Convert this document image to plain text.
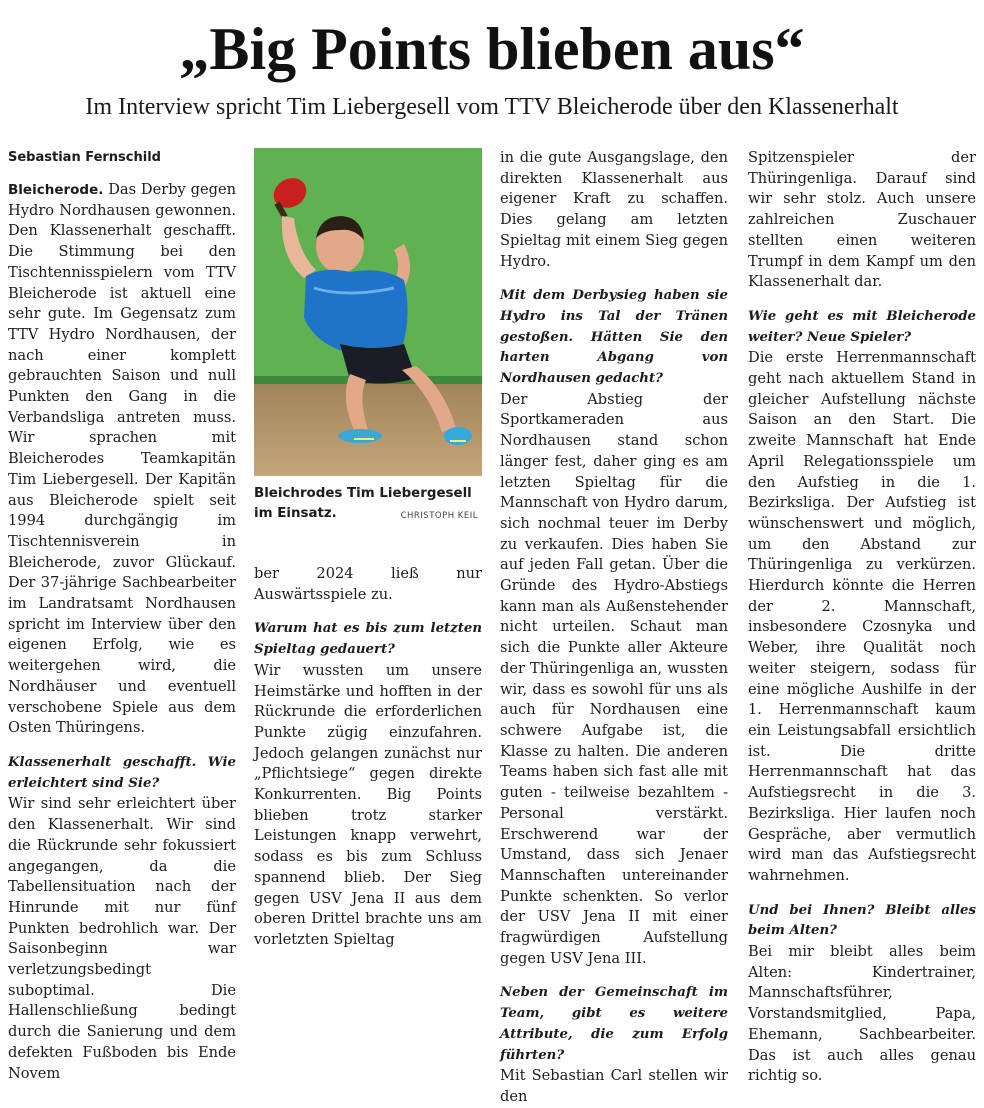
„Big Points blieben aus“
Im Interview spricht Tim Liebergesell vom TTV Bleicherode über den Klassenerhalt
Sebastian Fernschild

Bleicherode. Das Derby gegen Hydro Nordhausen gewonnen. Den Klassenerhalt geschafft. Die Stimmung bei den Tischtennisspielern vom TTV Bleicherode ist aktuell eine sehr gute. Im Gegensatz zum TTV Hydro Nordhausen, der nach einer komplett gebrauchten Saison und null Punkten den Gang in die Verbandsliga antreten muss. Wir sprachen mit Bleicherodes Teamkapitän Tim Liebergesell. Der Kapitän aus Bleicherode spielt seit 1994 durchgängig im Tischtennisverein in Bleicherode, zuvor Glückauf. Der 37-jährige Sachbearbeiter im Landratsamt Nordhausen spricht im Interview über den eigenen Erfolg, wie es weitergehen wird, die Nordhäuser und eventuell verschobene Spiele aus dem Osten Thüringens.

Klassenerhalt geschafft. Wie erleichtert sind Sie?

Wir sind sehr erleichtert über den Klassenerhalt. Wir sind die Rückrunde sehr fokussiert angegangen, da die Tabellensituation nach der Hinrunde mit nur fünf Punkten bedrohlich war. Der Saisonbeginn war verletzungsbedingt suboptimal. Die Hallenschließung bedingt durch die Sanierung und dem defekten Fußboden bis Ende Novem

Bleichrodes Tim Liebergesell im Einsatz.	CHRISTOPH KEIL

ber 2024 ließ nur Auswärtsspiele zu.

Warum hat es bis zum letzten Spieltag gedauert?

Wir wussten um unsere Heimstärke und hofften in der Rückrunde die erforderlichen Punkte zügig einzufahren. Jedoch gelangen zunächst nur „Pflichtsiege“ gegen direkte Konkurrenten. Big Points blieben trotz starker Leistungen knapp verwehrt, sodass es bis zum Schluss spannend blieb. Der Sieg gegen USV Jena II aus dem oberen Drittel brachte uns am vorletzten Spieltag

in die gute Ausgangslage, den direkten Klassenerhalt aus eigener Kraft zu schaffen. Dies gelang am letzten Spieltag mit einem Sieg gegen Hydro.

Mit dem Derbysieg haben sie Hydro ins Tal der Tränen gestoßen. Hätten Sie den harten Abgang von Nordhausen gedacht?

Der Abstieg der Sportkameraden aus Nordhausen stand schon länger fest, daher ging es am letzten Spieltag für die Mannschaft von Hydro darum, sich nochmal teuer im Derby zu verkaufen. Dies haben Sie auf jeden Fall getan. Über die Gründe des Hydro-Abstiegs kann man als Außenstehender nicht urteilen. Schaut man sich die Punkte aller Akteure der Thüringenliga an, wussten wir, dass es sowohl für uns als auch für Nordhausen eine schwere Aufgabe ist, die Klasse zu halten. Die anderen Teams haben sich fast alle mit guten - teilweise bezahltem - Personal verstärkt. Erschwerend war der Umstand, dass sich Jenaer Mannschaften untereinander Punkte schenkten. So verlor der USV Jena II mit einer fragwürdigen Aufstellung gegen USV Jena III.

Neben der Gemeinschaft im Team, gibt es weitere Attribute, die zum Erfolg führten?

Mit Sebastian Carl stellen wir den

Spitzenspieler der Thüringenliga. Darauf sind wir sehr stolz. Auch unsere zahlreichen Zuschauer stellten einen weiteren Trumpf in dem Kampf um den Klassenerhalt dar.

Wie geht es mit Bleicherode weiter? Neue Spieler?

Die erste Herrenmannschaft geht nach aktuellem Stand in gleicher Aufstellung nächste Saison an den Start. Die zweite Mannschaft hat Ende April Relegationsspiele um den Aufstieg in die 1. Bezirksliga. Der Aufstieg ist wünschenswert und möglich, um den Abstand zur Thüringenliga zu verkürzen. Hierdurch könnte die Herren der 2. Mannschaft, insbesondere Czosnyka und Weber, ihre Qualität noch weiter steigern, sodass für eine mögliche Aushilfe in der 1. Herrenmannschaft kaum ein Leistungsabfall ersichtlich ist. Die dritte Herrenmannschaft hat das Aufstiegsrecht in die 3. Bezirksliga. Hier laufen noch Gespräche, aber vermutlich wird man das Aufstiegsrecht wahrnehmen.

Und bei Ihnen? Bleibt alles beim Alten?

Bei mir bleibt alles beim Alten: Kindertrainer, Mannschaftsführer, Vorstandsmitglied, Papa, Ehemann, Sachbearbeiter. Das ist auch alles genau richtig so.
